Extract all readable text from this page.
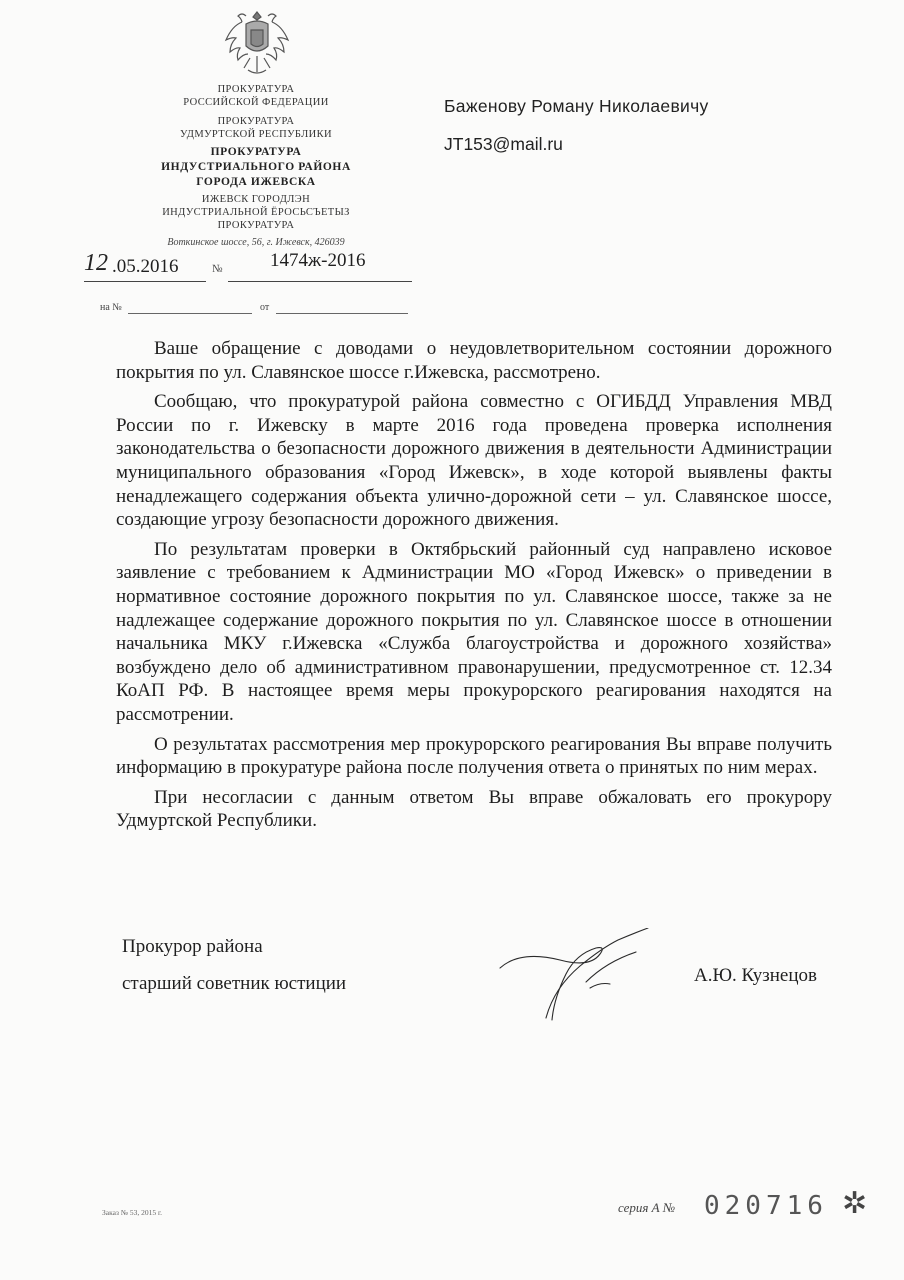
ПРОКУРАТУРА
РОССИЙСКОЙ ФЕДЕРАЦИИ
ПРОКУРАТУРА
УДМУРТСКОЙ РЕСПУБЛИКИ
ПРОКУРАТУРА
ИНДУСТРИАЛЬНОГО РАЙОНА
ГОРОДА ИЖЕВСКА
ИЖЕВСК ГОРОДЛЭН
ИНДУСТРИАЛЬНОЙ ЁРОСЬСЪЕТЫЗ
ПРОКУРАТУРА
Воткинское шоссе, 56, г. Ижевск, 426039
12 .05.2016	№	1474ж-2016
на №	от
Баженову Роману Николаевичу
JT153@mail.ru

Ваше обращение с доводами о неудовлетворительном состоянии дорожного покрытия по ул. Славянское шоссе г.Ижевска, рассмотрено.

Сообщаю, что прокуратурой района совместно с ОГИБДД Управления МВД России по г. Ижевску в марте 2016 года проведена проверка исполнения законодательства о безопасности дорожного движения в деятельности Администрации муниципального образования «Город Ижевск», в ходе которой выявлены факты ненадлежащего содержания объекта улично-дорожной сети – ул. Славянское шоссе, создающие угрозу безопасности дорожного движения.

По результатам проверки в Октябрьский районный суд направлено исковое заявление с требованием к Администрации МО «Город Ижевск» о приведении в нормативное состояние дорожного покрытия по ул. Славянское шоссе, также за не надлежащее содержание дорожного покрытия по ул. Славянское шоссе в отношении начальника МКУ г.Ижевска «Служба благоустройства и дорожного хозяйства» возбуждено дело об административном правонарушении, предусмотренное ст. 12.34 КоАП РФ. В настоящее время меры прокурорского реагирования находятся на рассмотрении.

О результатах рассмотрения мер прокурорского реагирования Вы вправе получить информацию в прокуратуре района после получения ответа о принятых по ним мерах.

При несогласии с данным ответом Вы вправе обжаловать его прокурору Удмуртской Республики.

Прокурор района
старший советник юстиции	А.Ю. Кузнецов
Заказ № 53, 2015 г.	серия А № 020716 ✲
